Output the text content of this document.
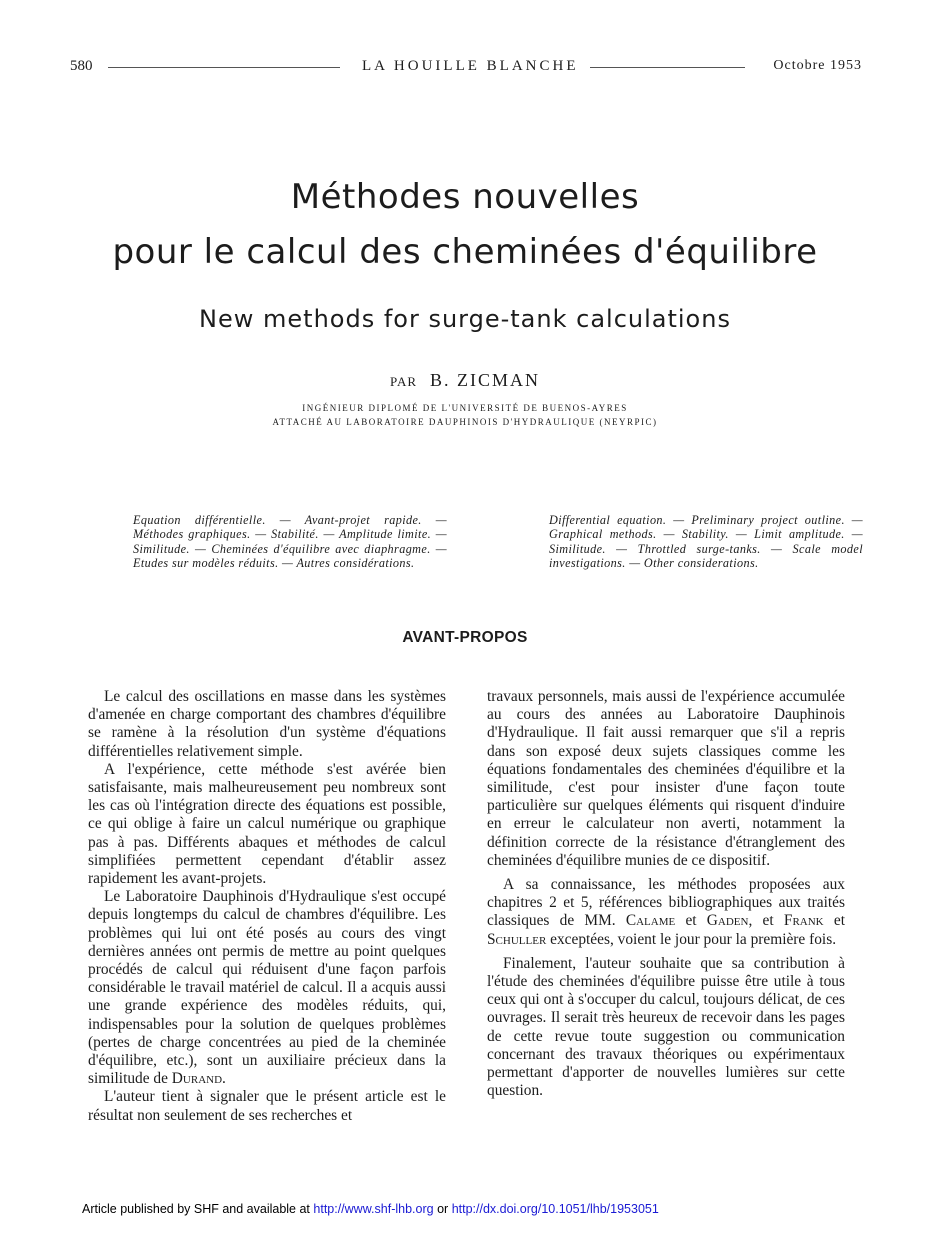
580	LA HOUILLE BLANCHE	Octobre 1953
Méthodes nouvelles
pour le calcul des cheminées d'équilibre
New methods for surge-tank calculations
PAR B. ZICMAN
INGÉNIEUR DIPLOMÉ DE L'UNIVERSITÉ DE BUENOS-AYRES
ATTACHÉ AU LABORATOIRE DAUPHINOIS D'HYDRAULIQUE (NEYRPIC)
Equation différentielle. — Avant-projet rapide. — Méthodes graphiques. — Stabilité. — Amplitude limite. — Similitude. — Cheminées d'équilibre avec diaphragme. — Etudes sur modèles réduits. — Autres considérations.
Differential equation. — Preliminary project outline. — Graphical methods. — Stability. — Limit amplitude. — Similitude. — Throttled surge-tanks. — Scale model investigations. — Other considerations.
AVANT-PROPOS

Le calcul des oscillations en masse dans les systèmes d'amenée en charge comportant des chambres d'équilibre se ramène à la résolution d'un système d'équations différentielles relativement simple.

A l'expérience, cette méthode s'est avérée bien satisfaisante, mais malheureusement peu nombreux sont les cas où l'intégration directe des équations est possible, ce qui oblige à faire un calcul numérique ou graphique pas à pas. Différents abaques et méthodes de calcul simplifiées permettent cependant d'établir assez rapidement les avant-projets.

Le Laboratoire Dauphinois d'Hydraulique s'est occupé depuis longtemps du calcul de chambres d'équilibre. Les problèmes qui lui ont été posés au cours des vingt dernières années ont permis de mettre au point quelques procédés de calcul qui réduisent d'une façon parfois considérable le travail matériel de calcul. Il a acquis aussi une grande expérience des modèles réduits, qui, indispensables pour la solution de quelques problèmes (pertes de charge concentrées au pied de la cheminée d'équilibre, etc.), sont un auxiliaire précieux dans la similitude de Durand.

L'auteur tient à signaler que le présent article est le résultat non seulement de ses recherches et

travaux personnels, mais aussi de l'expérience accumulée au cours des années au Laboratoire Dauphinois d'Hydraulique. Il fait aussi remarquer que s'il a repris dans son exposé deux sujets classiques comme les équations fondamentales des cheminées d'équilibre et la similitude, c'est pour insister d'une façon toute particulière sur quelques éléments qui risquent d'induire en erreur le calculateur non averti, notamment la définition correcte de la résistance d'étranglement des cheminées d'équilibre munies de ce dispositif.

A sa connaissance, les méthodes proposées aux chapitres 2 et 5, références bibliographiques aux traités classiques de MM. Calame et Gaden, et Frank et Schuller exceptées, voient le jour pour la première fois.

Finalement, l'auteur souhaite que sa contribution à l'étude des cheminées d'équilibre puisse être utile à tous ceux qui ont à s'occuper du calcul, toujours délicat, de ces ouvrages. Il serait très heureux de recevoir dans les pages de cette revue toute suggestion ou communication concernant des travaux théoriques ou expérimentaux permettant d'apporter de nouvelles lumières sur cette question.

Article published by SHF and available at http://www.shf-lhb.org or http://dx.doi.org/10.1051/lhb/1953051
